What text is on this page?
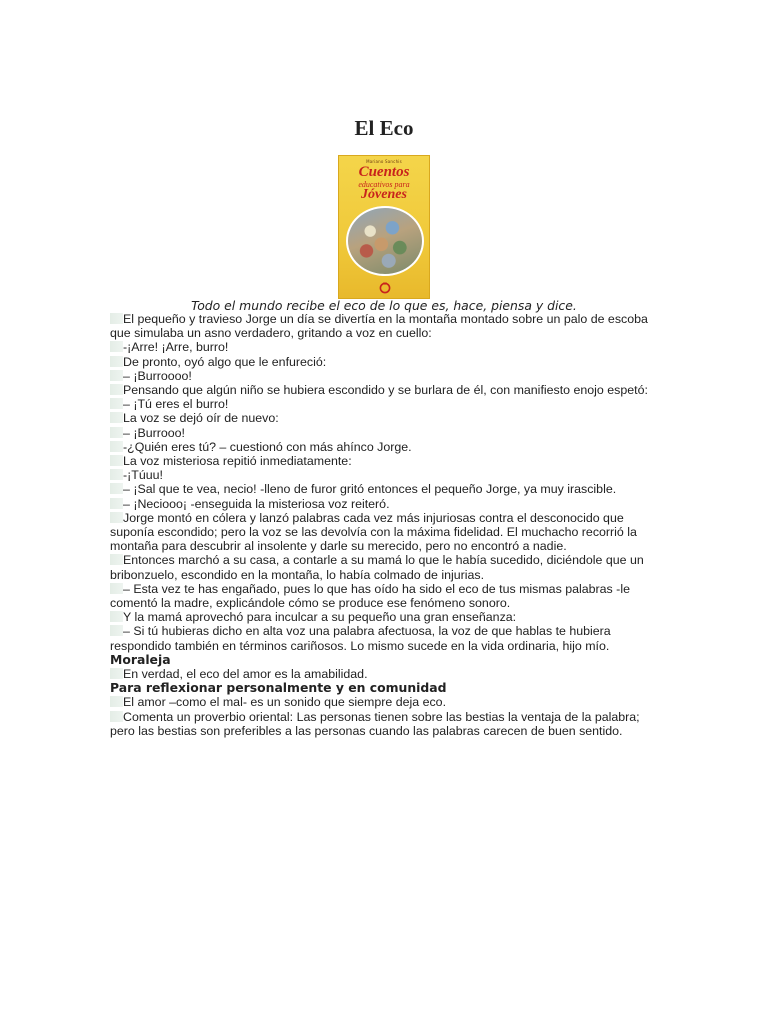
El Eco
Mariano Sanchis
Cuentos
educativos para
Jóvenes
Todo el mundo recibe el eco de lo que es, hace, piensa y dice.
El pequeño y travieso Jorge un día se divertía en la montaña montado sobre un palo de escoba que simulaba un asno verdadero, gritando a voz en cuello:
-¡Arre! ¡Arre, burro!
De pronto, oyó algo que le enfureció:
– ¡Burroooo!
Pensando que algún niño se hubiera escondido y se burlara de él, con manifiesto enojo espetó:
– ¡Tú eres el burro!
La voz se dejó oír de nuevo:
– ¡Burrooo!
-¿Quién eres tú? – cuestionó con más ahínco Jorge.
La voz misteriosa repitió inmediatamente:
-¡Túuu!
– ¡Sal que te vea, necio! -lleno de furor gritó entonces el pequeño Jorge, ya muy irascible.
– ¡Neciooo¡ -enseguida la misteriosa voz reiteró.
Jorge montó en cólera y lanzó palabras cada vez más injuriosas contra el desconocido que suponía escondido; pero la voz se las devolvía con la máxima fidelidad. El muchacho recorrió la montaña para descubrir al insolente y darle su merecido, pero no encontró a nadie.
Entonces marchó a su casa, a contarle a su mamá lo que le había sucedido, diciéndole que un bribonzuelo, escondido en la montaña, lo había colmado de injurias.
– Esta vez te has engañado, pues lo que has oído ha sido el eco de tus mismas palabras -le comentó la madre, explicándole cómo se produce ese fenómeno sonoro.
Y la mamá aprovechó para inculcar a su pequeño una gran enseñanza:
– Si tú hubieras dicho en alta voz una palabra afectuosa, la voz de que hablas te hubiera respondido también en términos cariñosos. Lo mismo sucede en la vida ordinaria, hijo mío.
Moraleja
En verdad, el eco del amor es la amabilidad.
Para reflexionar personalmente y en comunidad
El amor –como el mal- es un sonido que siempre deja eco.
Comenta un proverbio oriental: Las personas tienen sobre las bestias la ventaja de la palabra; pero las bestias son preferibles a las personas cuando las palabras carecen de buen sentido.
